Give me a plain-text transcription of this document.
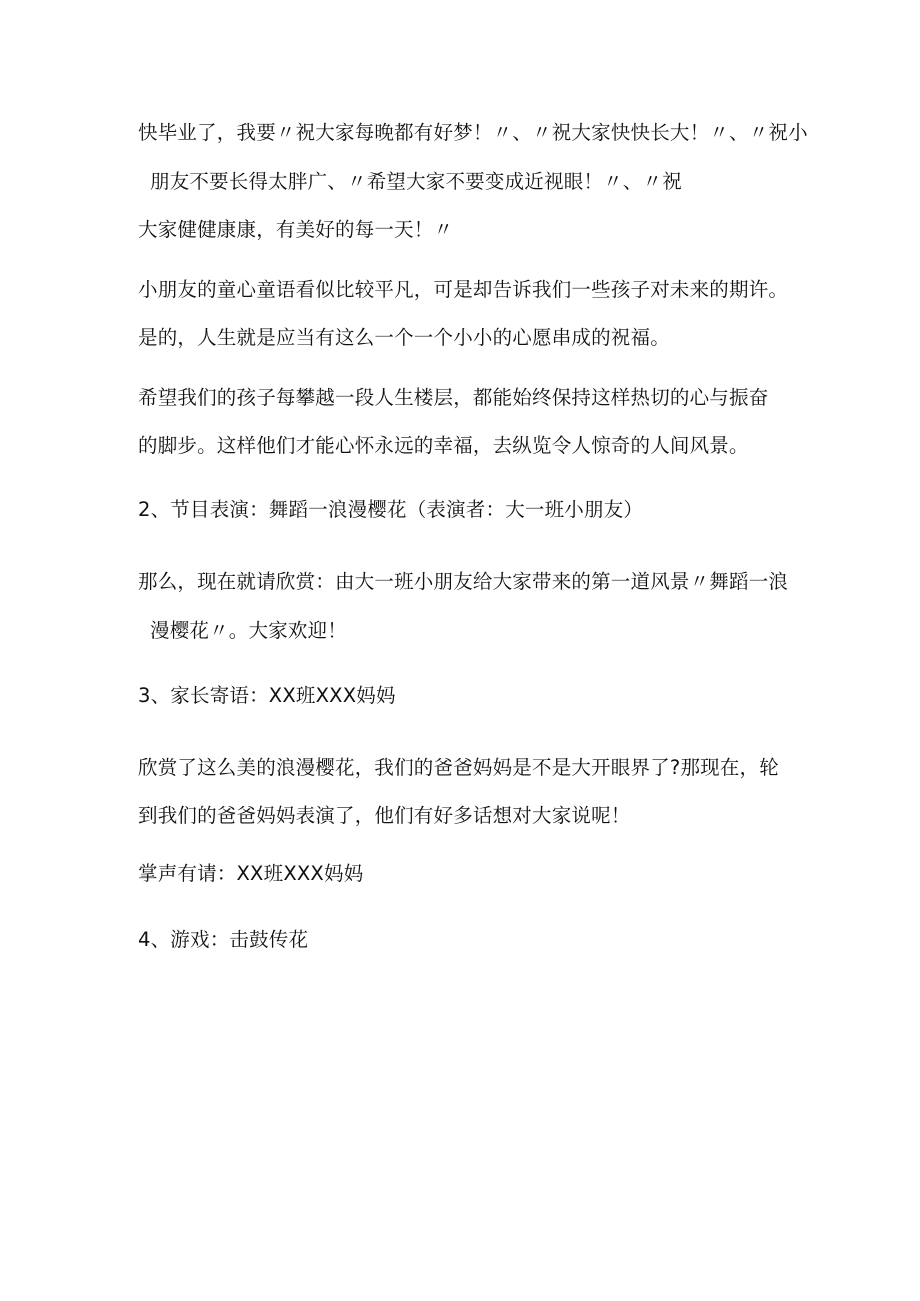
快毕业了，我要〃祝大家每晚都有好梦！〃、〃祝大家快快长大！〃、〃祝小
朋友不要长得太胖广、〃希望大家不要变成近视眼！〃、〃祝
大家健健康康，有美好的每一天！〃
小朋友的童心童语看似比较平凡，可是却告诉我们一些孩子对未来的期许。
是的，人生就是应当有这么一个一个小小的心愿串成的祝福。
希望我们的孩子每攀越一段人生楼层，都能始终保持这样热切的心与振奋
的脚步。这样他们才能心怀永远的幸福，去纵览令人惊奇的人间风景。
2、节目表演：舞蹈一浪漫樱花（表演者：大一班小朋友）
那么，现在就请欣赏：由大一班小朋友给大家带来的第一道风景〃舞蹈一浪
漫樱花〃。大家欢迎！
3、家长寄语：XX班XXX妈妈
欣赏了这么美的浪漫樱花，我们的爸爸妈妈是不是大开眼界了?那现在，轮
到我们的爸爸妈妈表演了，他们有好多话想对大家说呢！
掌声有请：XX班XXX妈妈
4、游戏：击鼓传花
